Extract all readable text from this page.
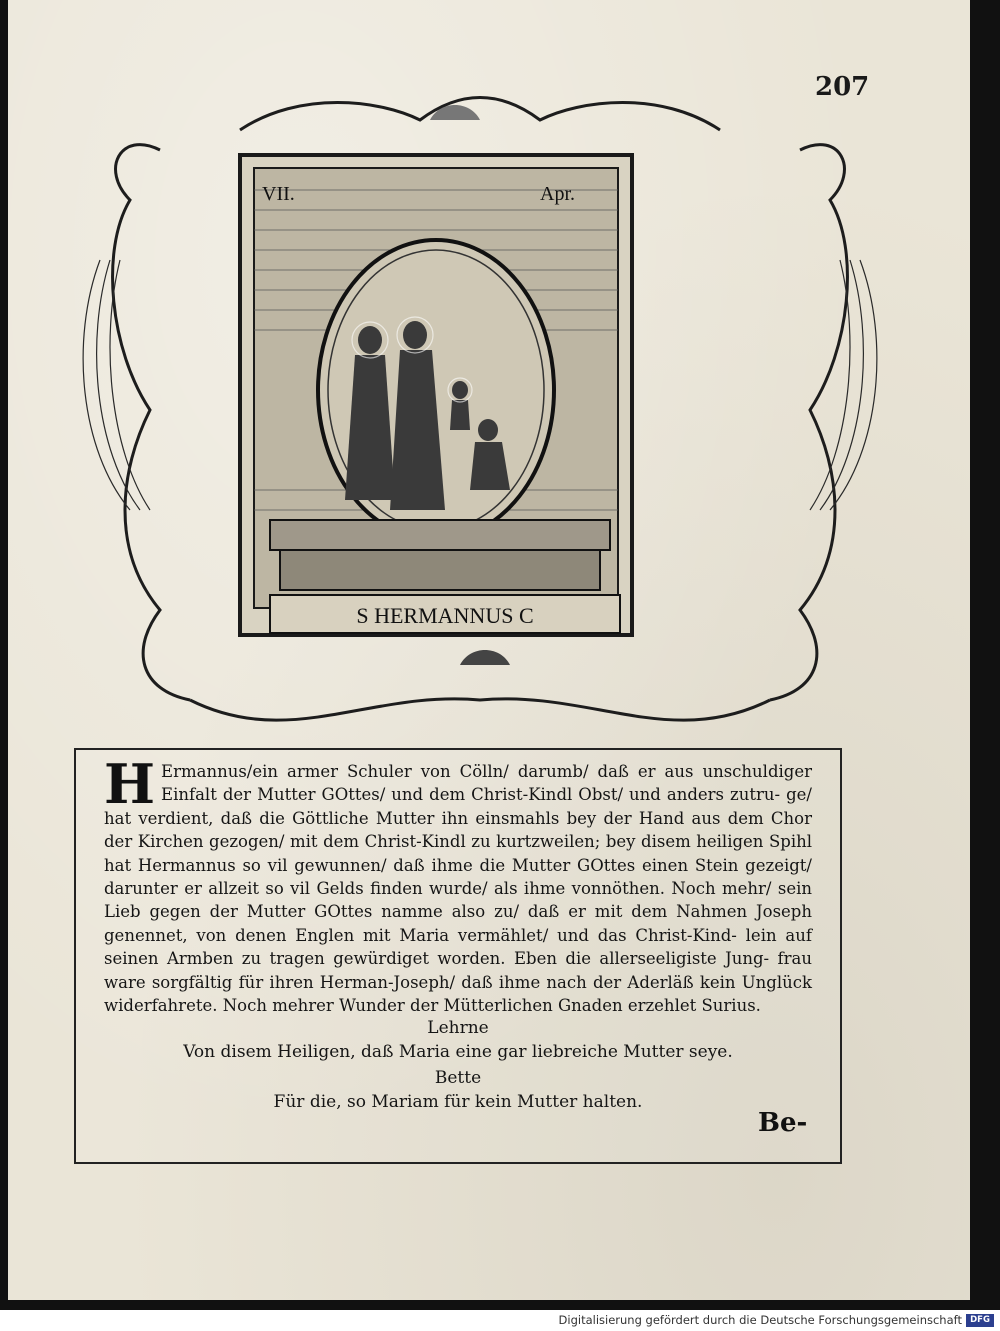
207
VII.	Apr.
S HERMANNUS C
H Ermannus/ein armer Schuler von Cölln/ darumb/ daß er aus unschuldiger Einfalt der Mutter GOttes/ und dem Christ-Kindl Obst/ und anders zutru- ge/ hat verdient, daß die Göttliche Mutter ihn einsmahls bey der Hand aus dem Chor der Kirchen gezogen/ mit dem Christ-Kindl zu kurtzweilen; bey disem heiligen Spihl hat Hermannus so vil gewunnen/ daß ihme die Mutter GOttes einen Stein gezeigt/ darunter er allzeit so vil Gelds finden wurde/ als ihme vonnöthen. Noch mehr/ sein Lieb gegen der Mutter GOttes namme also zu/ daß er mit dem Nahmen Joseph genennet, von denen Englen mit Maria vermählet/ und das Christ-Kind- lein auf seinen Armben zu tragen gewürdiget worden. Eben die allerseeligiste Jung- frau ware sorgfältig für ihren Herman-Joseph/ daß ihme nach der Aderläß kein Unglück widerfahrete. Noch mehrer Wunder der Mütterlichen Gnaden erzehlet Surius.
Lehrne
Von disem Heiligen, daß Maria eine gar liebreiche Mutter seye.
Bette
Für die, so Mariam für kein Mutter halten.
Be-
Digitalisierung gefördert durch die Deutsche Forschungsgemeinschaft DFG
